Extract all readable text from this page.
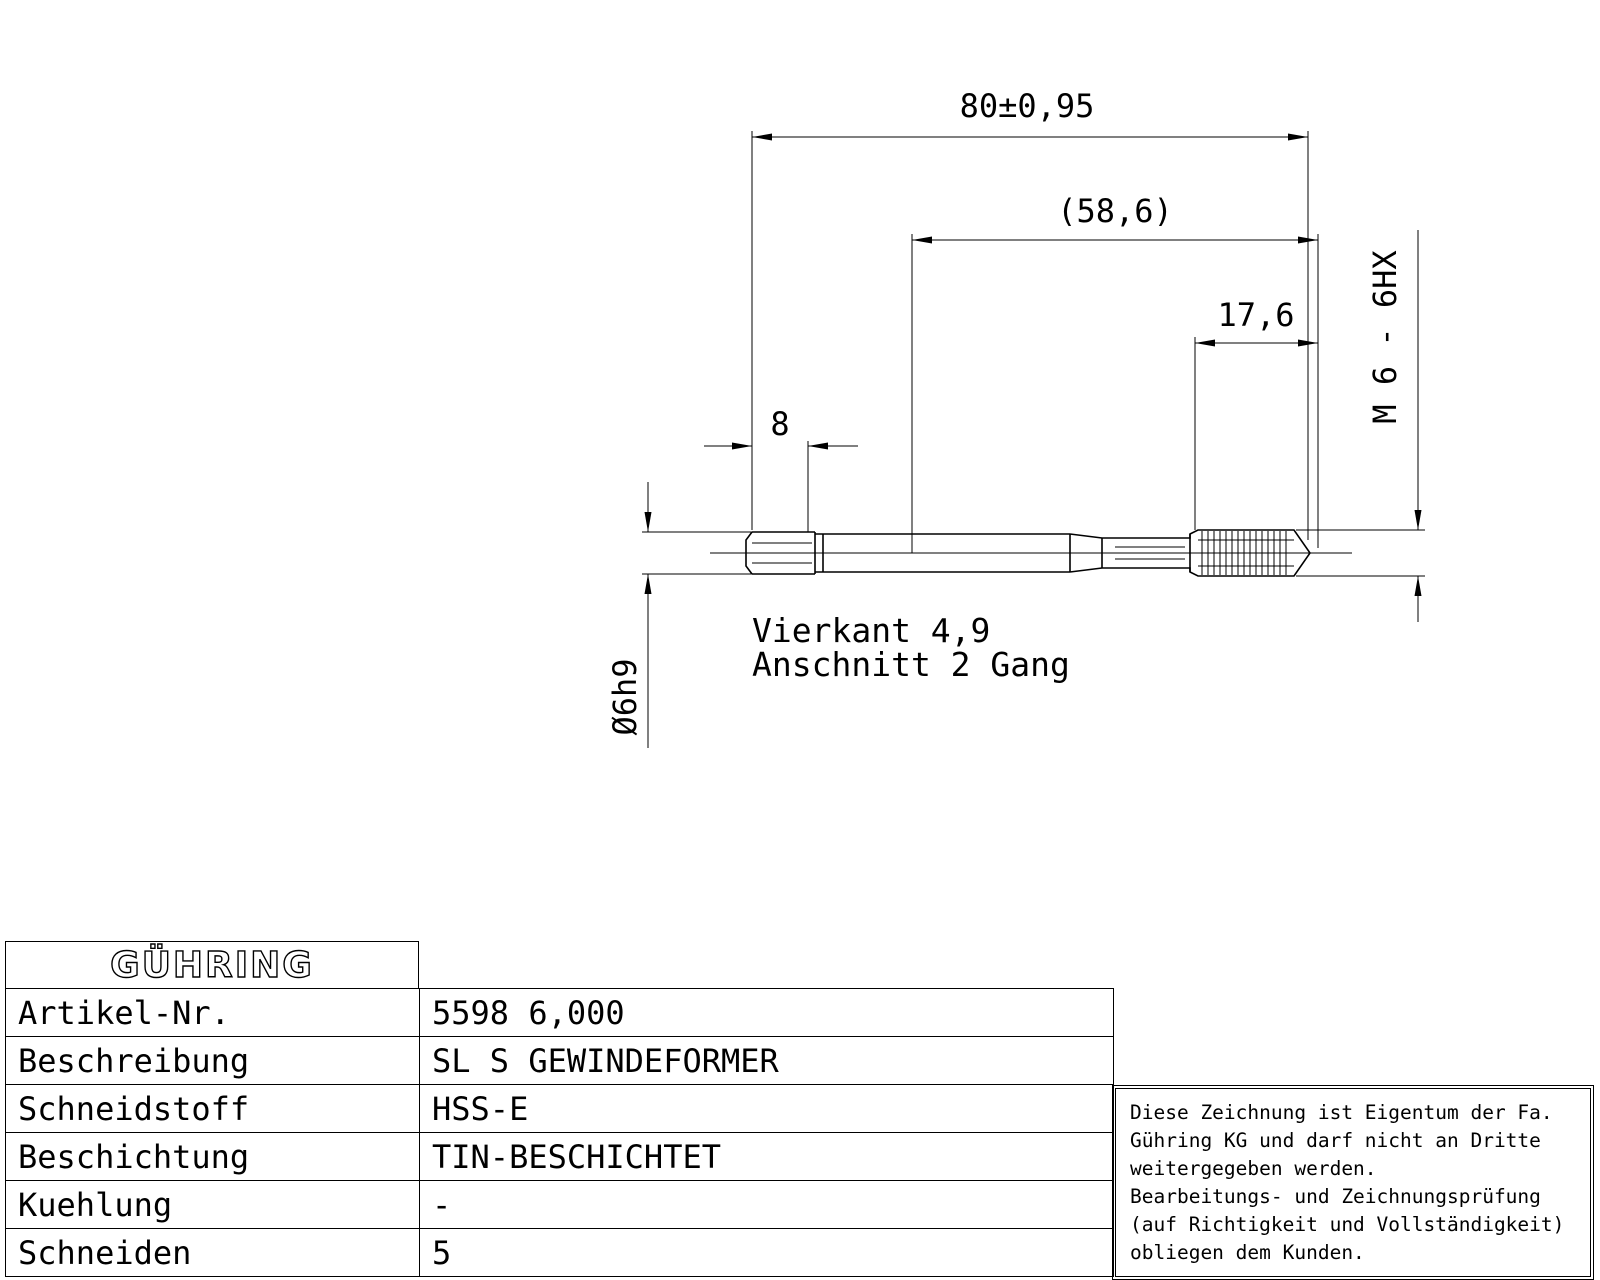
80±0,95
(58,6)
17,6
8
Ø6h9
M 6 - 6HX
Vierkant 4,9
Anschnitt 2 Gang
GÜHRING
Artikel-Nr.	5598 6,000
Beschreibung	SL S GEWINDEFORMER
Schneidstoff	HSS-E
Beschichtung	TIN-BESCHICHTET
Kuehlung	-
Schneiden	5
Diese Zeichnung ist Eigentum der Fa.
Gühring KG und darf nicht an Dritte
weitergegeben werden.
Bearbeitungs- und Zeichnungsprüfung
(auf Richtigkeit und Vollständigkeit)
obliegen dem Kunden.
